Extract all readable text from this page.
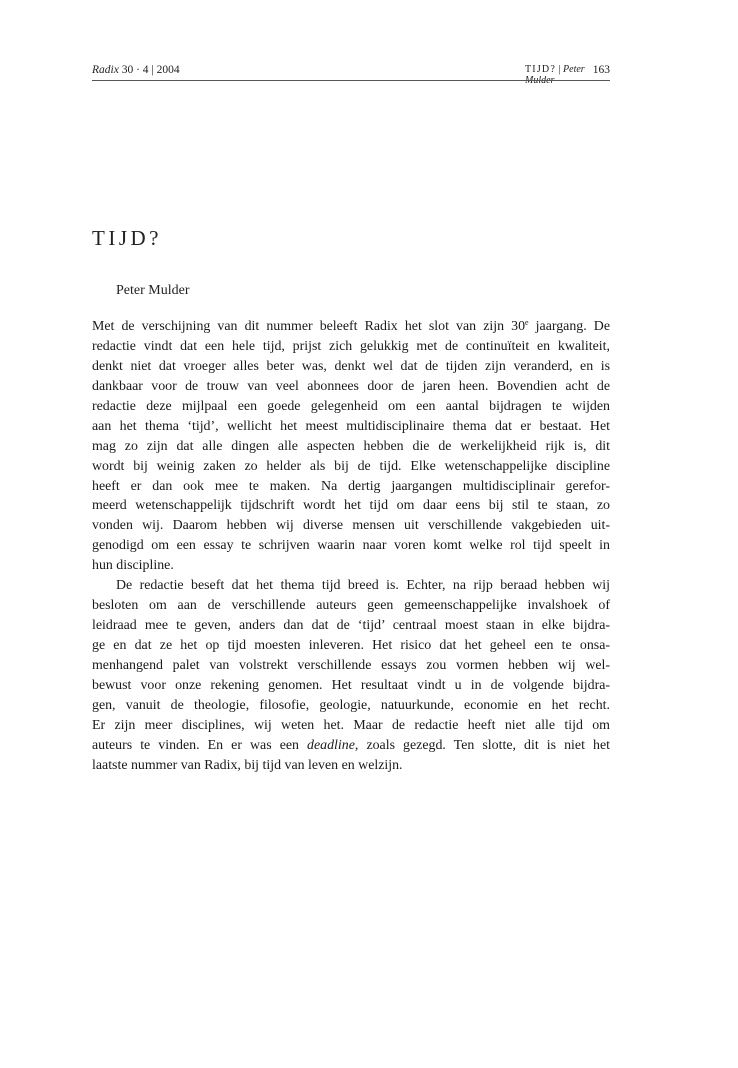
Radix 30 · 4 | 2004	TIJD? | Peter Mulder
163
TIJD?
Peter Mulder
Met de verschijning van dit nummer beleeft Radix het slot van zijn 30e jaargang. De
redactie vindt dat een hele tijd, prijst zich gelukkig met de continuïteit en kwaliteit,
denkt niet dat vroeger alles beter was, denkt wel dat de tijden zijn veranderd, en is
dankbaar voor de trouw van veel abonnees door de jaren heen. Bovendien acht de
redactie deze mijlpaal een goede gelegenheid om een aantal bijdragen te wijden
aan het thema ‘tijd’, wellicht het meest multidisciplinaire thema dat er bestaat. Het
mag zo zijn dat alle dingen alle aspecten hebben die de werkelijkheid rijk is, dit
wordt bij weinig zaken zo helder als bij de tijd. Elke wetenschappelijke discipline
heeft er dan ook mee te maken. Na dertig jaargangen multidisciplinair gerefor-
meerd wetenschappelijk tijdschrift wordt het tijd om daar eens bij stil te staan, zo
vonden wij. Daarom hebben wij diverse mensen uit verschillende vakgebieden uit-
genodigd om een essay te schrijven waarin naar voren komt welke rol tijd speelt in
hun discipline.
De redactie beseft dat het thema tijd breed is. Echter, na rijp beraad hebben wij
besloten om aan de verschillende auteurs geen gemeenschappelijke invalshoek of
leidraad mee te geven, anders dan dat de ‘tijd’ centraal moest staan in elke bijdra-
ge en dat ze het op tijd moesten inleveren. Het risico dat het geheel een te onsa-
menhangend palet van volstrekt verschillende essays zou vormen hebben wij wel-
bewust voor onze rekening genomen. Het resultaat vindt u in de volgende bijdra-
gen, vanuit de theologie, filosofie, geologie, natuurkunde, economie en het recht.
Er zijn meer disciplines, wij weten het. Maar de redactie heeft niet alle tijd om
auteurs te vinden. En er was een deadline, zoals gezegd. Ten slotte, dit is niet het
laatste nummer van Radix, bij tijd van leven en welzijn.
